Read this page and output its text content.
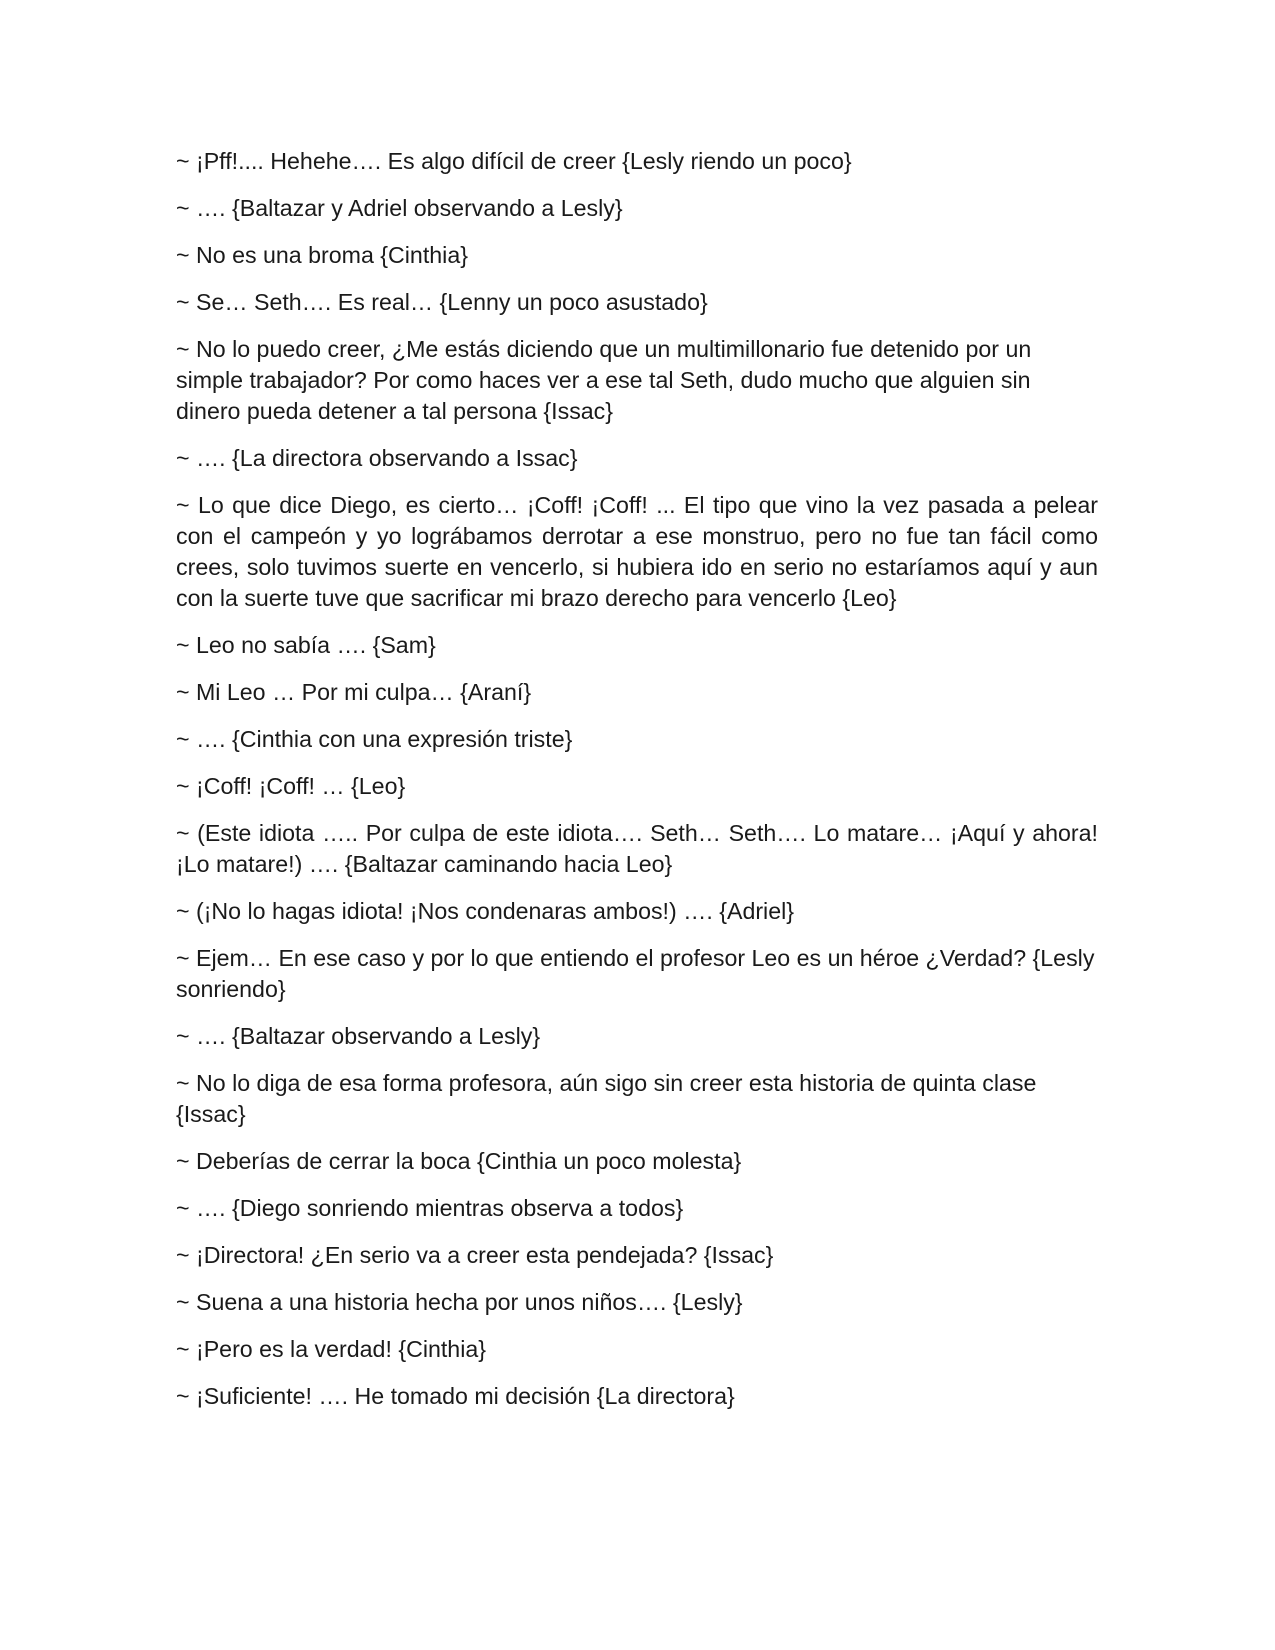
~ ¡Pff!.... Hehehe…. Es algo difícil de creer {Lesly riendo un poco}

~ …. {Baltazar y Adriel observando a Lesly}

~ No es una broma {Cinthia}

~ Se… Seth…. Es real… {Lenny un poco asustado}

~ No lo puedo creer, ¿Me estás diciendo que un multimillonario fue detenido por un simple trabajador? Por como haces ver a ese tal Seth, dudo mucho que alguien sin dinero pueda detener a tal persona {Issac}

~ …. {La directora observando a Issac}

~ Lo que dice Diego, es cierto… ¡Coff! ¡Coff! ... El tipo que vino la vez pasada a pelear con el campeón y yo lográbamos derrotar a ese monstruo, pero no fue tan fácil como crees, solo tuvimos suerte en vencerlo, si hubiera ido en serio no estaríamos aquí y aun con la suerte tuve que sacrificar mi brazo derecho para vencerlo {Leo}

~ Leo no sabía …. {Sam}

~ Mi Leo … Por mi culpa… {Araní}

~ …. {Cinthia con una expresión triste}

~ ¡Coff! ¡Coff! … {Leo}

~ (Este idiota ….. Por culpa de este idiota…. Seth… Seth…. Lo matare… ¡Aquí y ahora! ¡Lo matare!) …. {Baltazar caminando hacia Leo}

~ (¡No lo hagas idiota! ¡Nos condenaras ambos!) …. {Adriel}

~ Ejem… En ese caso y por lo que entiendo el profesor Leo es un héroe ¿Verdad? {Lesly sonriendo}

~ …. {Baltazar observando a Lesly}

~ No lo diga de esa forma profesora, aún sigo sin creer esta historia de quinta clase {Issac}

~ Deberías de cerrar la boca {Cinthia un poco molesta}

~ …. {Diego sonriendo mientras observa a todos}

~ ¡Directora! ¿En serio va a creer esta pendejada? {Issac}

~ Suena a una historia hecha por unos niños…. {Lesly}

~ ¡Pero es la verdad! {Cinthia}

~ ¡Suficiente! …. He tomado mi decisión {La directora}
